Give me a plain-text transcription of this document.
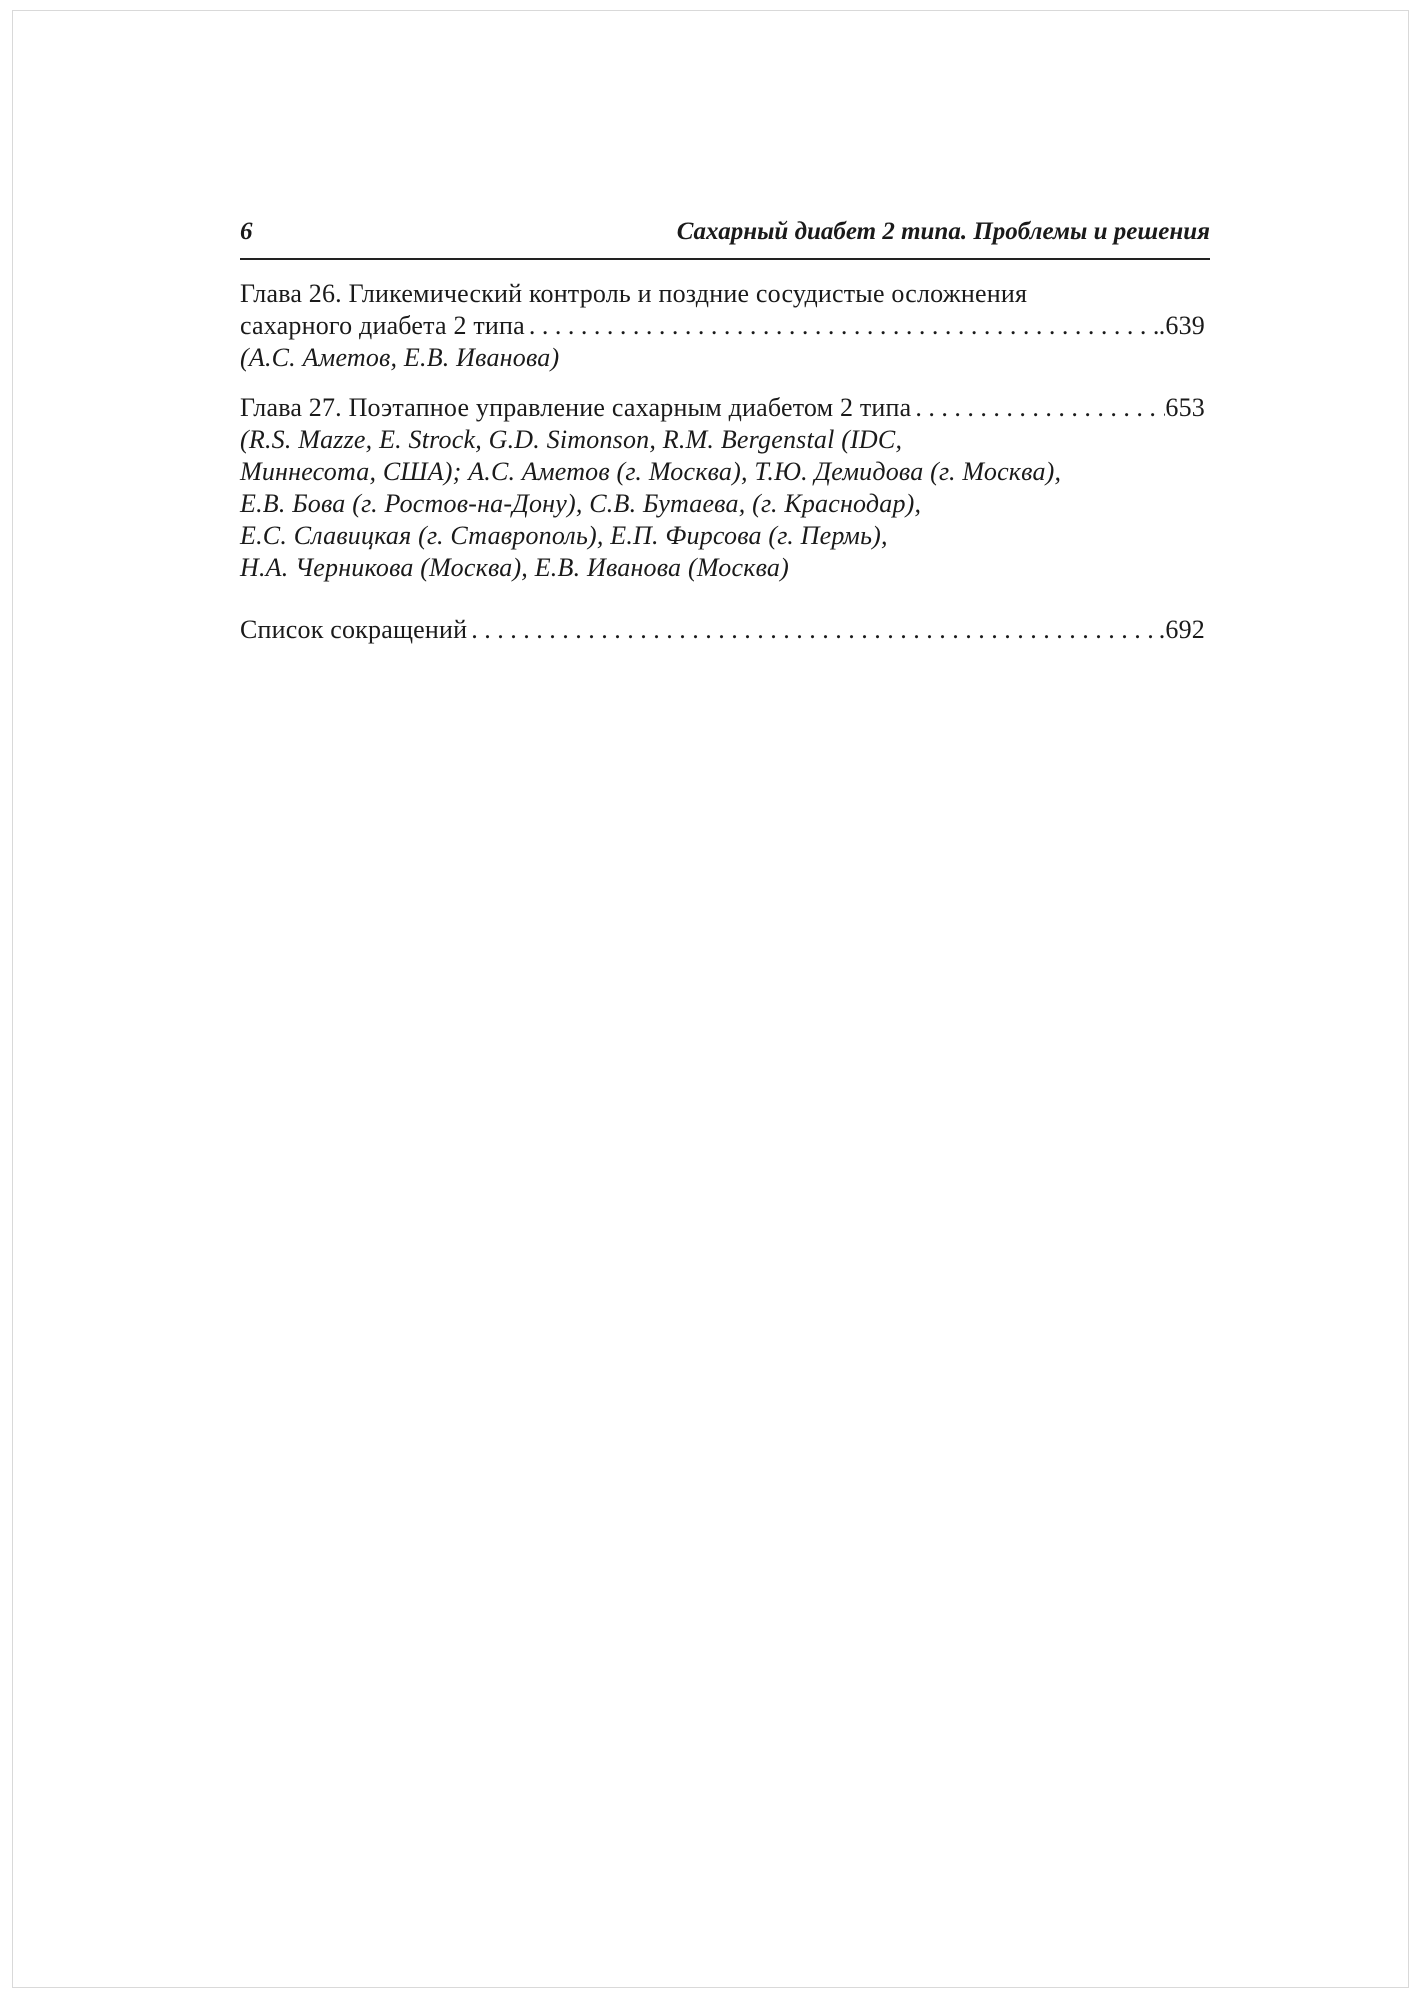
6	Сахарный диабет 2 типа. Проблемы и решения
Глава 26. Гликемический контроль и поздние сосудистые осложнения
сахарного диабета 2 типа . . .	.639
(А.С. Аметов, Е.В. Иванова)
Глава 27. Поэтапное управление сахарным диабетом 2 типа . . .	653
(R.S. Mazze, E. Strock, G.D. Simonson, R.M. Bergenstal (IDC,
Миннесота, США); А.С. Аметов (г. Москва), Т.Ю. Демидова (г. Москва),
Е.В. Бова (г. Ростов-на-Дону), С.В. Бутаева, (г. Краснодар),
Е.С. Славицкая (г. Ставрополь), Е.П. Фирсова (г. Пермь),
Н.А. Черникова (Москва), Е.В. Иванова (Москва)
Список сокращений . . .	.692
